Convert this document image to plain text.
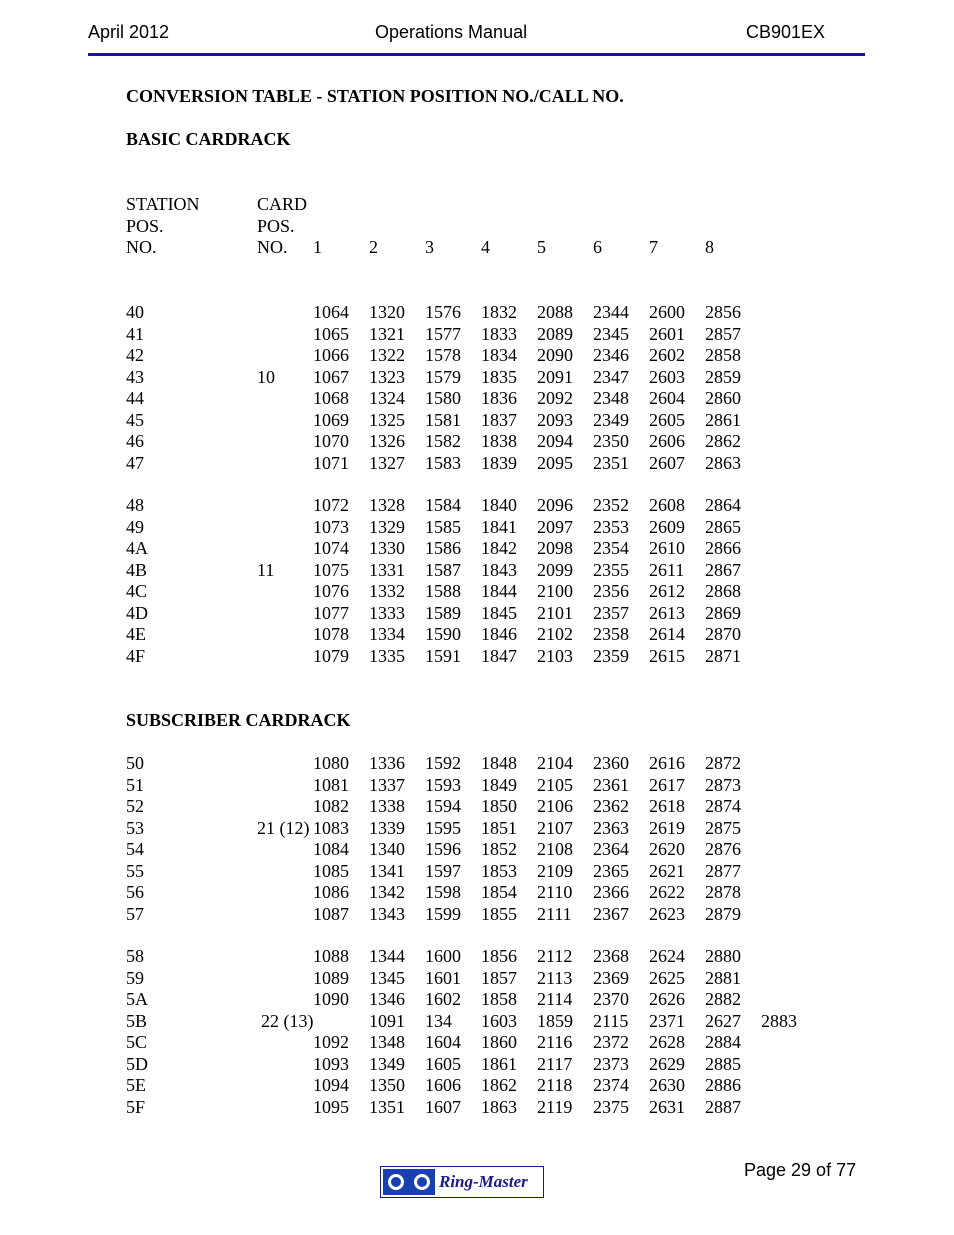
April 2012	Operations Manual	CB901EX
CONVERSION TABLE - STATION POSITION NO./CALL NO.
BASIC CARDRACK
SUBSCRIBER CARDRACK
STATION
POS.
NO.
CARD
POS.
NO. 1	2	3	4	5	6	7	8
40	1064 1320 1576 1832 2088 2344 2600 2856
41	1065 1321 1577 1833 2089 2345 2601 2857
42	1066 1322 1578 1834 2090 2346 2602 2858
43	10 1067 1323 1579 1835 2091 2347 2603 2859
44	1068 1324 1580 1836 2092 2348 2604 2860
45	1069 1325 1581 1837 2093 2349 2605 2861
46	1070 1326 1582 1838 2094 2350 2606 2862
47	1071 1327 1583 1839 2095 2351 2607 2863
48	1072 1328 1584 1840 2096 2352 2608 2864
49	1073 1329 1585 1841 2097 2353 2609 2865
4A	1074 1330 1586 1842 2098 2354 2610 2866
4B	11 1075 1331 1587 1843 2099 2355 2611 2867
4C	1076 1332 1588 1844 2100 2356 2612 2868
4D	1077 1333 1589 1845 2101 2357 2613 2869
4E	1078 1334 1590 1846 2102 2358 2614 2870
4F	1079 1335 1591 1847 2103 2359 2615 2871
50	1080 1336 1592 1848 2104 2360 2616 2872
51	1081 1337 1593 1849 2105 2361 2617 2873
52	1082 1338 1594 1850 2106 2362 2618 2874
53	21 (12) 1083 1339 1595 1851 2107 2363 2619 2875
54	1084 1340 1596 1852 2108 2364 2620 2876
55	1085 1341 1597 1853 2109 2365 2621 2877
56	1086 1342 1598 1854 2110 2366 2622 2878
57	1087 1343 1599 1855 2111 2367 2623 2879
58	1088 1344 1600 1856 2112 2368 2624 2880
59	1089 1345 1601 1857 2113 2369 2625 2881
5A	1090 1346 1602 1858 2114 2370 2626 2882
5B	22 (13)	1091 134 1603 1859 2115 2371 2627 2883
5C	1092 1348 1604 1860 2116 2372 2628 2884
5D	1093 1349 1605 1861 2117 2373 2629 2885
5E	1094 1350 1606 1862 2118 2374 2630 2886
5F	1095 1351 1607 1863 2119 2375 2631 2887
Ring-Master
Page 29 of 77
